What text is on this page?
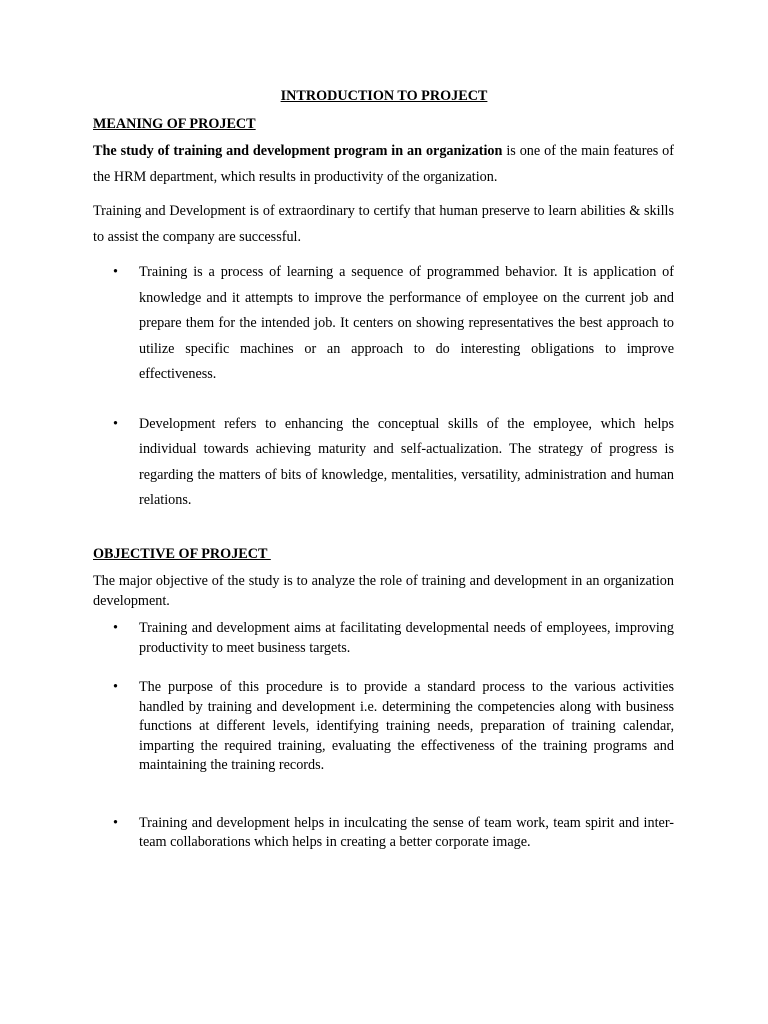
INTRODUCTION TO PROJECT
MEANING OF PROJECT

The study of training and development program in an organization is one of the main features of the HRM department, which results in productivity of the organization.

Training and Development is of extraordinary to certify that human preserve to learn abilities & skills to assist the company are successful.

• Training is a process of learning a sequence of programmed behavior. It is application of knowledge and it attempts to improve the performance of employee on the current job and prepare them for the intended job. It centers on showing representatives the best approach to utilize specific machines or an approach to do interesting obligations to improve effectiveness.
• Development refers to enhancing the conceptual skills of the employee, which helps individual towards achieving maturity and self-actualization. The strategy of progress is regarding the matters of bits of knowledge, mentalities, versatility, administration and human relations.
OBJECTIVE OF PROJECT

The major objective of the study is to analyze the role of training and development in an organization development.

• Training and development aims at facilitating developmental needs of employees, improving productivity to meet business targets.
• The purpose of this procedure is to provide a standard process to the various activities handled by training and development i.e. determining the competencies along with business functions at different levels, identifying training needs, preparation of training calendar, imparting the required training, evaluating the effectiveness of the training programs and maintaining the training records.
• Training and development helps in inculcating the sense of team work, team spirit and inter-team collaborations which helps in creating a better corporate image.
